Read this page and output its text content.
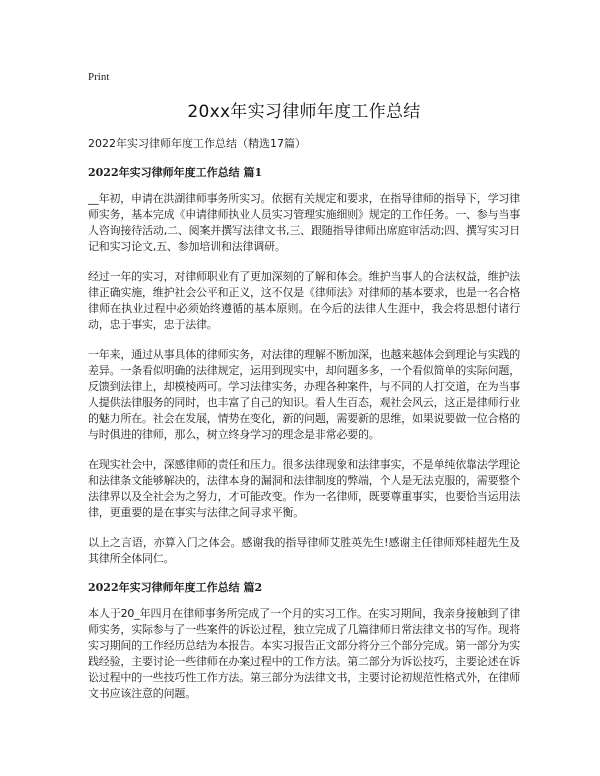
Print
20xx年实习律师年度工作总结
2022年实习律师年度工作总结（精选17篇）
2022年实习律师年度工作总结 篇1

__年初，申请在洪湖律师事务所实习。依据有关规定和要求，在指导律师的指导下，学习律师实务，基本完成《申请律师执业人员实习管理实施细则》规定的工作任务。一、参与当事人咨询接待活动,二、阅案并撰写法律文书,三、跟随指导律师出席庭审活动;四、撰写实习日记和实习论文,五、参加培训和法律调研。

经过一年的实习，对律师职业有了更加深刻的了解和体会。维护当事人的合法权益，维护法律正确实施，维护社会公平和正义，这不仅是《律师法》对律师的基本要求，也是一名合格律师在执业过程中必须始终遵循的基本原则。在今后的法律人生涯中，我会将思想付诸行动，忠于事实，忠于法律。

一年来，通过从事具体的律师实务，对法律的理解不断加深，也越来越体会到理论与实践的差异。一条看似明确的法律规定，运用到现实中，却问题多多，一个看似简单的实际问题，反馈到法律上，却模棱两可。学习法律实务，办理各种案件，与不同的人打交道，在为当事人提供法律服务的同时，也丰富了自己的知识。看人生百态，观社会风云，这正是律师行业的魅力所在。社会在发展，情势在变化，新的问题，需要新的思维，如果说要做一位合格的与时俱进的律师，那么，树立终身学习的理念是非常必要的。

在现实社会中，深感律师的责任和压力。很多法律现象和法律事实，不是单纯依靠法学理论和法律条文能够解决的，法律本身的漏洞和法律制度的弊端，个人是无法克服的，需要整个法律界以及全社会为之努力，才可能改变。作为一名律师，既要尊重事实，也要恰当运用法律，更重要的是在事实与法律之间寻求平衡。

以上之言语，亦算入门之体会。感谢我的指导律师艾胜英先生!感谢主任律师郑桂超先生及其律所全体同仁。

2022年实习律师年度工作总结 篇2

本人于20_年四月在律师事务所完成了一个月的实习工作。在实习期间，我亲身接触到了律师实务，实际参与了一些案件的诉讼过程，独立完成了几篇律师日常法律文书的写作。现将实习期间的工作经历总结为本报告。本实习报告正文部分将分三个部分完成。第一部分为实践经验，主要讨论一些律师在办案过程中的工作方法。第二部分为诉讼技巧，主要论述在诉讼过程中的一些技巧性工作方法。第三部分为法律文书，主要讨论初规范性格式外，在律师文书应该注意的问题。
